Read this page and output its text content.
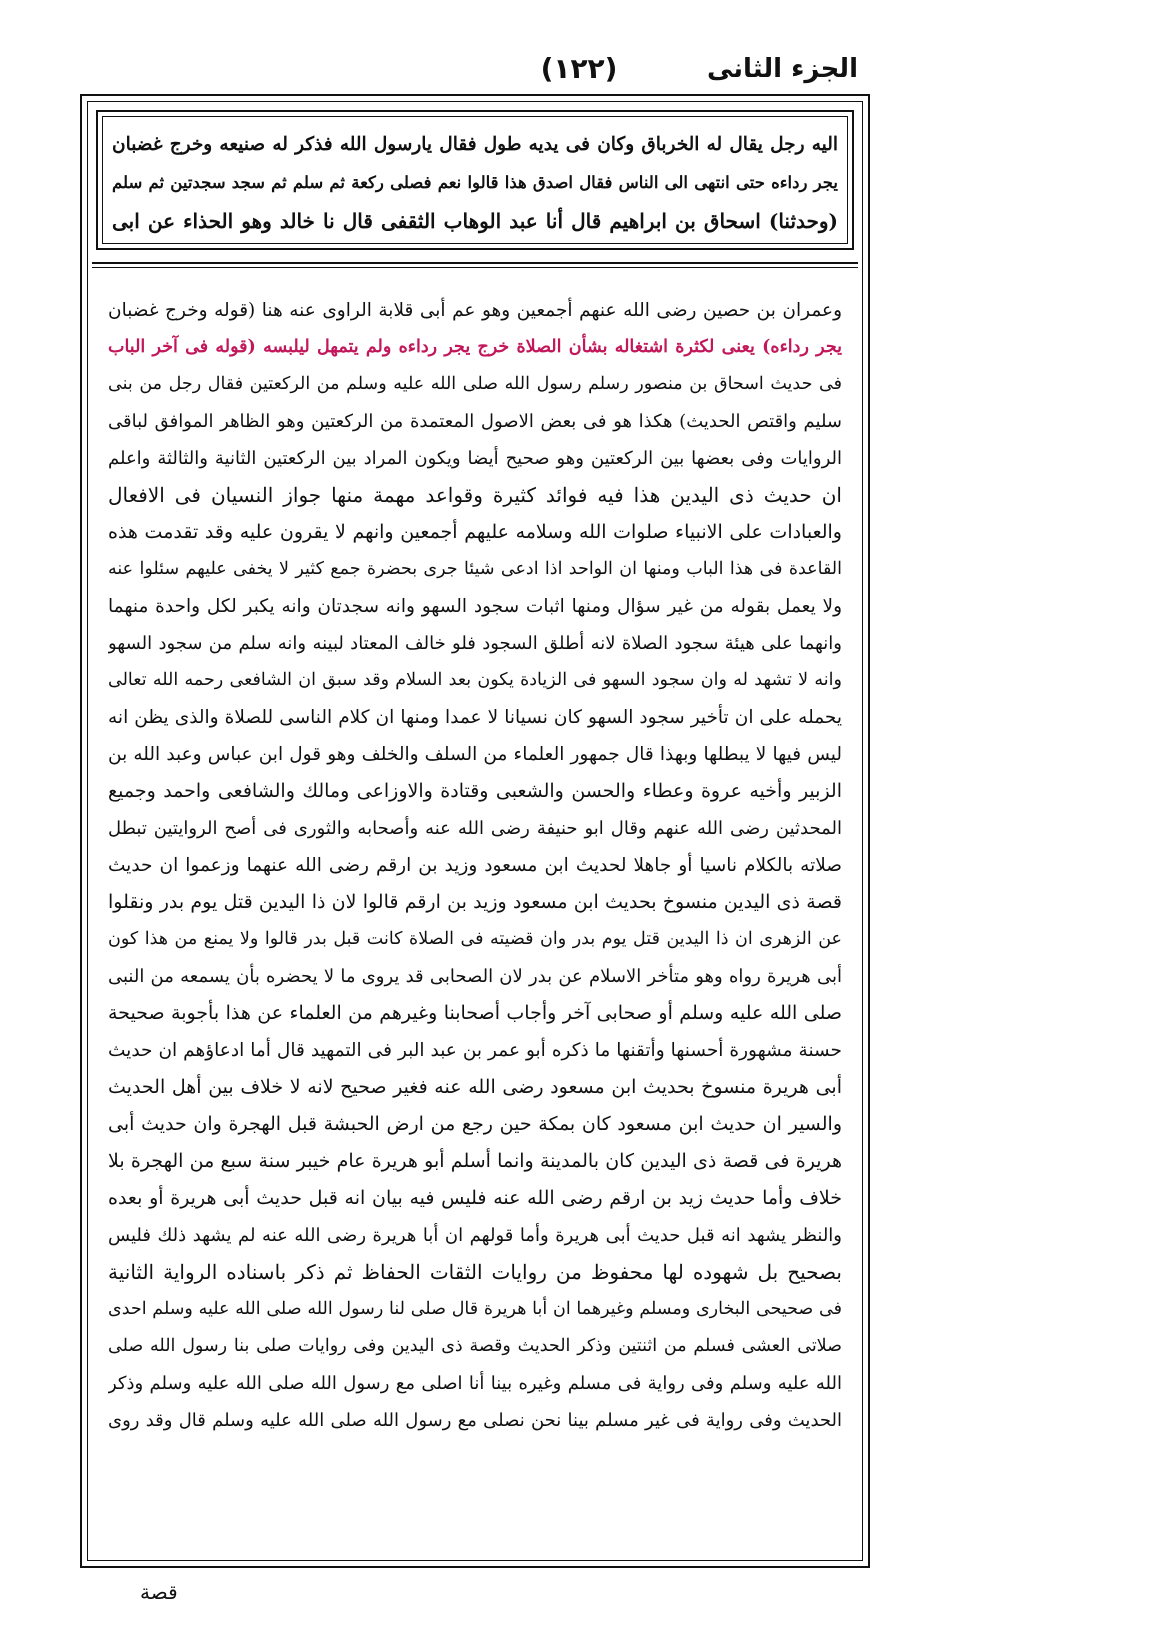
الجزء الثانى
(١٢٢)
اليه رجل يقال له الخرباق وكان فى يديه طول فقال يارسول الله فذكر له صنيعه وخرج غضبان
يجر رداءه حتى انتهى الى الناس فقال اصدق هذا قالوا نعم فصلى ركعة ثم سلم ثم سجد سجدتين ثم سلم
(وحدثنا) اسحاق بن ابراهيم قال أنا عبد الوهاب الثقفى قال نا خالد وهو الحذاء عن ابى
وعمران بن حصين رضى الله عنهم أجمعين وهو عم أبى قلابة الراوى عنه هنا (قوله وخرج غضبان
يجر رداءه) يعنى لكثرة اشتغاله بشأن الصلاة خرج يجر رداءه ولم يتمهل ليلبسه (قوله فى آخر الباب
فى حديث اسحاق بن منصور رسلم رسول الله صلى الله عليه وسلم من الركعتين فقال رجل من بنى
سليم واقتص الحديث) هكذا هو فى بعض الاصول المعتمدة من الركعتين وهو الظاهر الموافق لباقى
الروايات وفى بعضها بين الركعتين وهو صحيح أيضا ويكون المراد بين الركعتين الثانية والثالثة واعلم
ان حديث ذى اليدين هذا فيه فوائد كثيرة وقواعد مهمة منها جواز النسيان فى الافعال
والعبادات على الانبياء صلوات الله وسلامه عليهم أجمعين وانهم لا يقرون عليه وقد تقدمت هذه
القاعدة فى هذا الباب ومنها ان الواحد اذا ادعى شيئا جرى بحضرة جمع كثير لا يخفى عليهم سئلوا عنه
ولا يعمل بقوله من غير سؤال ومنها اثبات سجود السهو وانه سجدتان وانه يكبر لكل واحدة منهما
وانهما على هيئة سجود الصلاة لانه أطلق السجود فلو خالف المعتاد لبينه وانه سلم من سجود السهو
وانه لا تشهد له وان سجود السهو فى الزيادة يكون بعد السلام وقد سبق ان الشافعى رحمه الله تعالى
يحمله على ان تأخير سجود السهو كان نسيانا لا عمدا ومنها ان كلام الناسى للصلاة والذى يظن انه
ليس فيها لا يبطلها وبهذا قال جمهور العلماء من السلف والخلف وهو قول ابن عباس وعبد الله بن
الزبير وأخيه عروة وعطاء والحسن والشعبى وقتادة والاوزاعى ومالك والشافعى واحمد وجميع
المحدثين رضى الله عنهم وقال ابو حنيفة رضى الله عنه وأصحابه والثورى فى أصح الروايتين تبطل
صلاته بالكلام ناسيا أو جاهلا لحديث ابن مسعود وزيد بن ارقم رضى الله عنهما وزعموا ان حديث
قصة ذى اليدين منسوخ بحديث ابن مسعود وزيد بن ارقم قالوا لان ذا اليدين قتل يوم بدر ونقلوا
عن الزهرى ان ذا اليدين قتل يوم بدر وان قضيته فى الصلاة كانت قبل بدر قالوا ولا يمنع من هذا كون
أبى هريرة رواه وهو متأخر الاسلام عن بدر لان الصحابى قد يروى ما لا يحضره بأن يسمعه من النبى
صلى الله عليه وسلم أو صحابى آخر وأجاب أصحابنا وغيرهم من العلماء عن هذا بأجوبة صحيحة
حسنة مشهورة أحسنها وأتقنها ما ذكره أبو عمر بن عبد البر فى التمهيد قال أما ادعاؤهم ان حديث
أبى هريرة منسوخ بحديث ابن مسعود رضى الله عنه فغير صحيح لانه لا خلاف بين أهل الحديث
والسير ان حديث ابن مسعود كان بمكة حين رجع من ارض الحبشة قبل الهجرة وان حديث أبى
هريرة فى قصة ذى اليدين كان بالمدينة وانما أسلم أبو هريرة عام خيبر سنة سبع من الهجرة بلا
خلاف وأما حديث زيد بن ارقم رضى الله عنه فليس فيه بيان انه قبل حديث أبى هريرة أو بعده
والنظر يشهد انه قبل حديث أبى هريرة وأما قولهم ان أبا هريرة رضى الله عنه لم يشهد ذلك فليس
بصحيح بل شهوده لها محفوظ من روايات الثقات الحفاظ ثم ذكر باسناده الرواية الثانية
فى صحيحى البخارى ومسلم وغيرهما ان أبا هريرة قال صلى لنا رسول الله صلى الله عليه وسلم احدى
صلاتى العشى فسلم من اثنتين وذكر الحديث وقصة ذى اليدين وفى روايات صلى بنا رسول الله صلى
الله عليه وسلم وفى رواية فى مسلم وغيره بينا أنا اصلى مع رسول الله صلى الله عليه وسلم وذكر
الحديث وفى رواية فى غير مسلم بينا نحن نصلى مع رسول الله صلى الله عليه وسلم قال وقد روى
قصة
